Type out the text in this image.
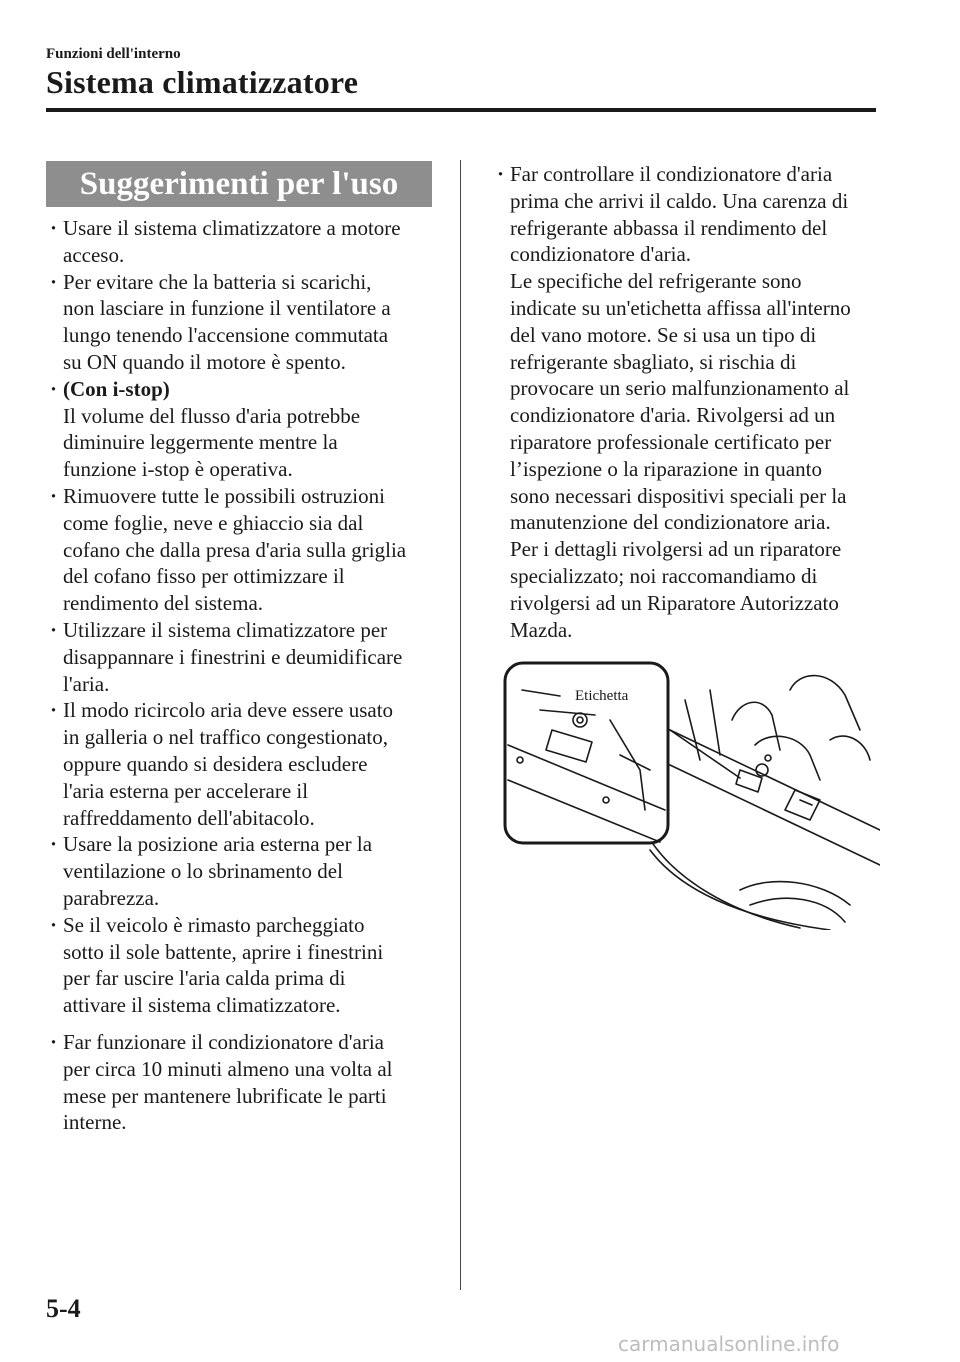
Funzioni dell'interno
Sistema climatizzatore
Suggerimenti per l'uso
· Usare il sistema climatizzatore a motore
acceso.
· Per evitare che la batteria si scarichi,
non lasciare in funzione il ventilatore a
lungo tenendo l'accensione commutata
su ON quando il motore è spento.
· (Con i-stop)
Il volume del flusso d'aria potrebbe
diminuire leggermente mentre la
funzione i-stop è operativa.
· Rimuovere tutte le possibili ostruzioni
come foglie, neve e ghiaccio sia dal
cofano che dalla presa d'aria sulla griglia
del cofano fisso per ottimizzare il
rendimento del sistema.
· Utilizzare il sistema climatizzatore per
disappannare i finestrini e deumidificare
l'aria.
· Il modo ricircolo aria deve essere usato
in galleria o nel traffico congestionato,
oppure quando si desidera escludere
l'aria esterna per accelerare il
raffreddamento dell'abitacolo.
· Usare la posizione aria esterna per la
ventilazione o lo sbrinamento del
parabrezza.
· Se il veicolo è rimasto parcheggiato
sotto il sole battente, aprire i finestrini
per far uscire l'aria calda prima di
attivare il sistema climatizzatore.
· Far funzionare il condizionatore d'aria
per circa 10 minuti almeno una volta al
mese per mantenere lubrificate le parti
interne.
· Far controllare il condizionatore d'aria
prima che arrivi il caldo. Una carenza di
refrigerante abbassa il rendimento del
condizionatore d'aria.
Le specifiche del refrigerante sono
indicate su un'etichetta affissa all'interno
del vano motore. Se si usa un tipo di
refrigerante sbagliato, si rischia di
provocare un serio malfunzionamento al
condizionatore d'aria. Rivolgersi ad un
riparatore professionale certificato per
l’ispezione o la riparazione in quanto
sono necessari dispositivi speciali per la
manutenzione del condizionatore aria.
Per i dettagli rivolgersi ad un riparatore
specializzato; noi raccomandiamo di
rivolgersi ad un Riparatore Autorizzato
Mazda.
Etichetta
5-4
carmanualsonline.info
